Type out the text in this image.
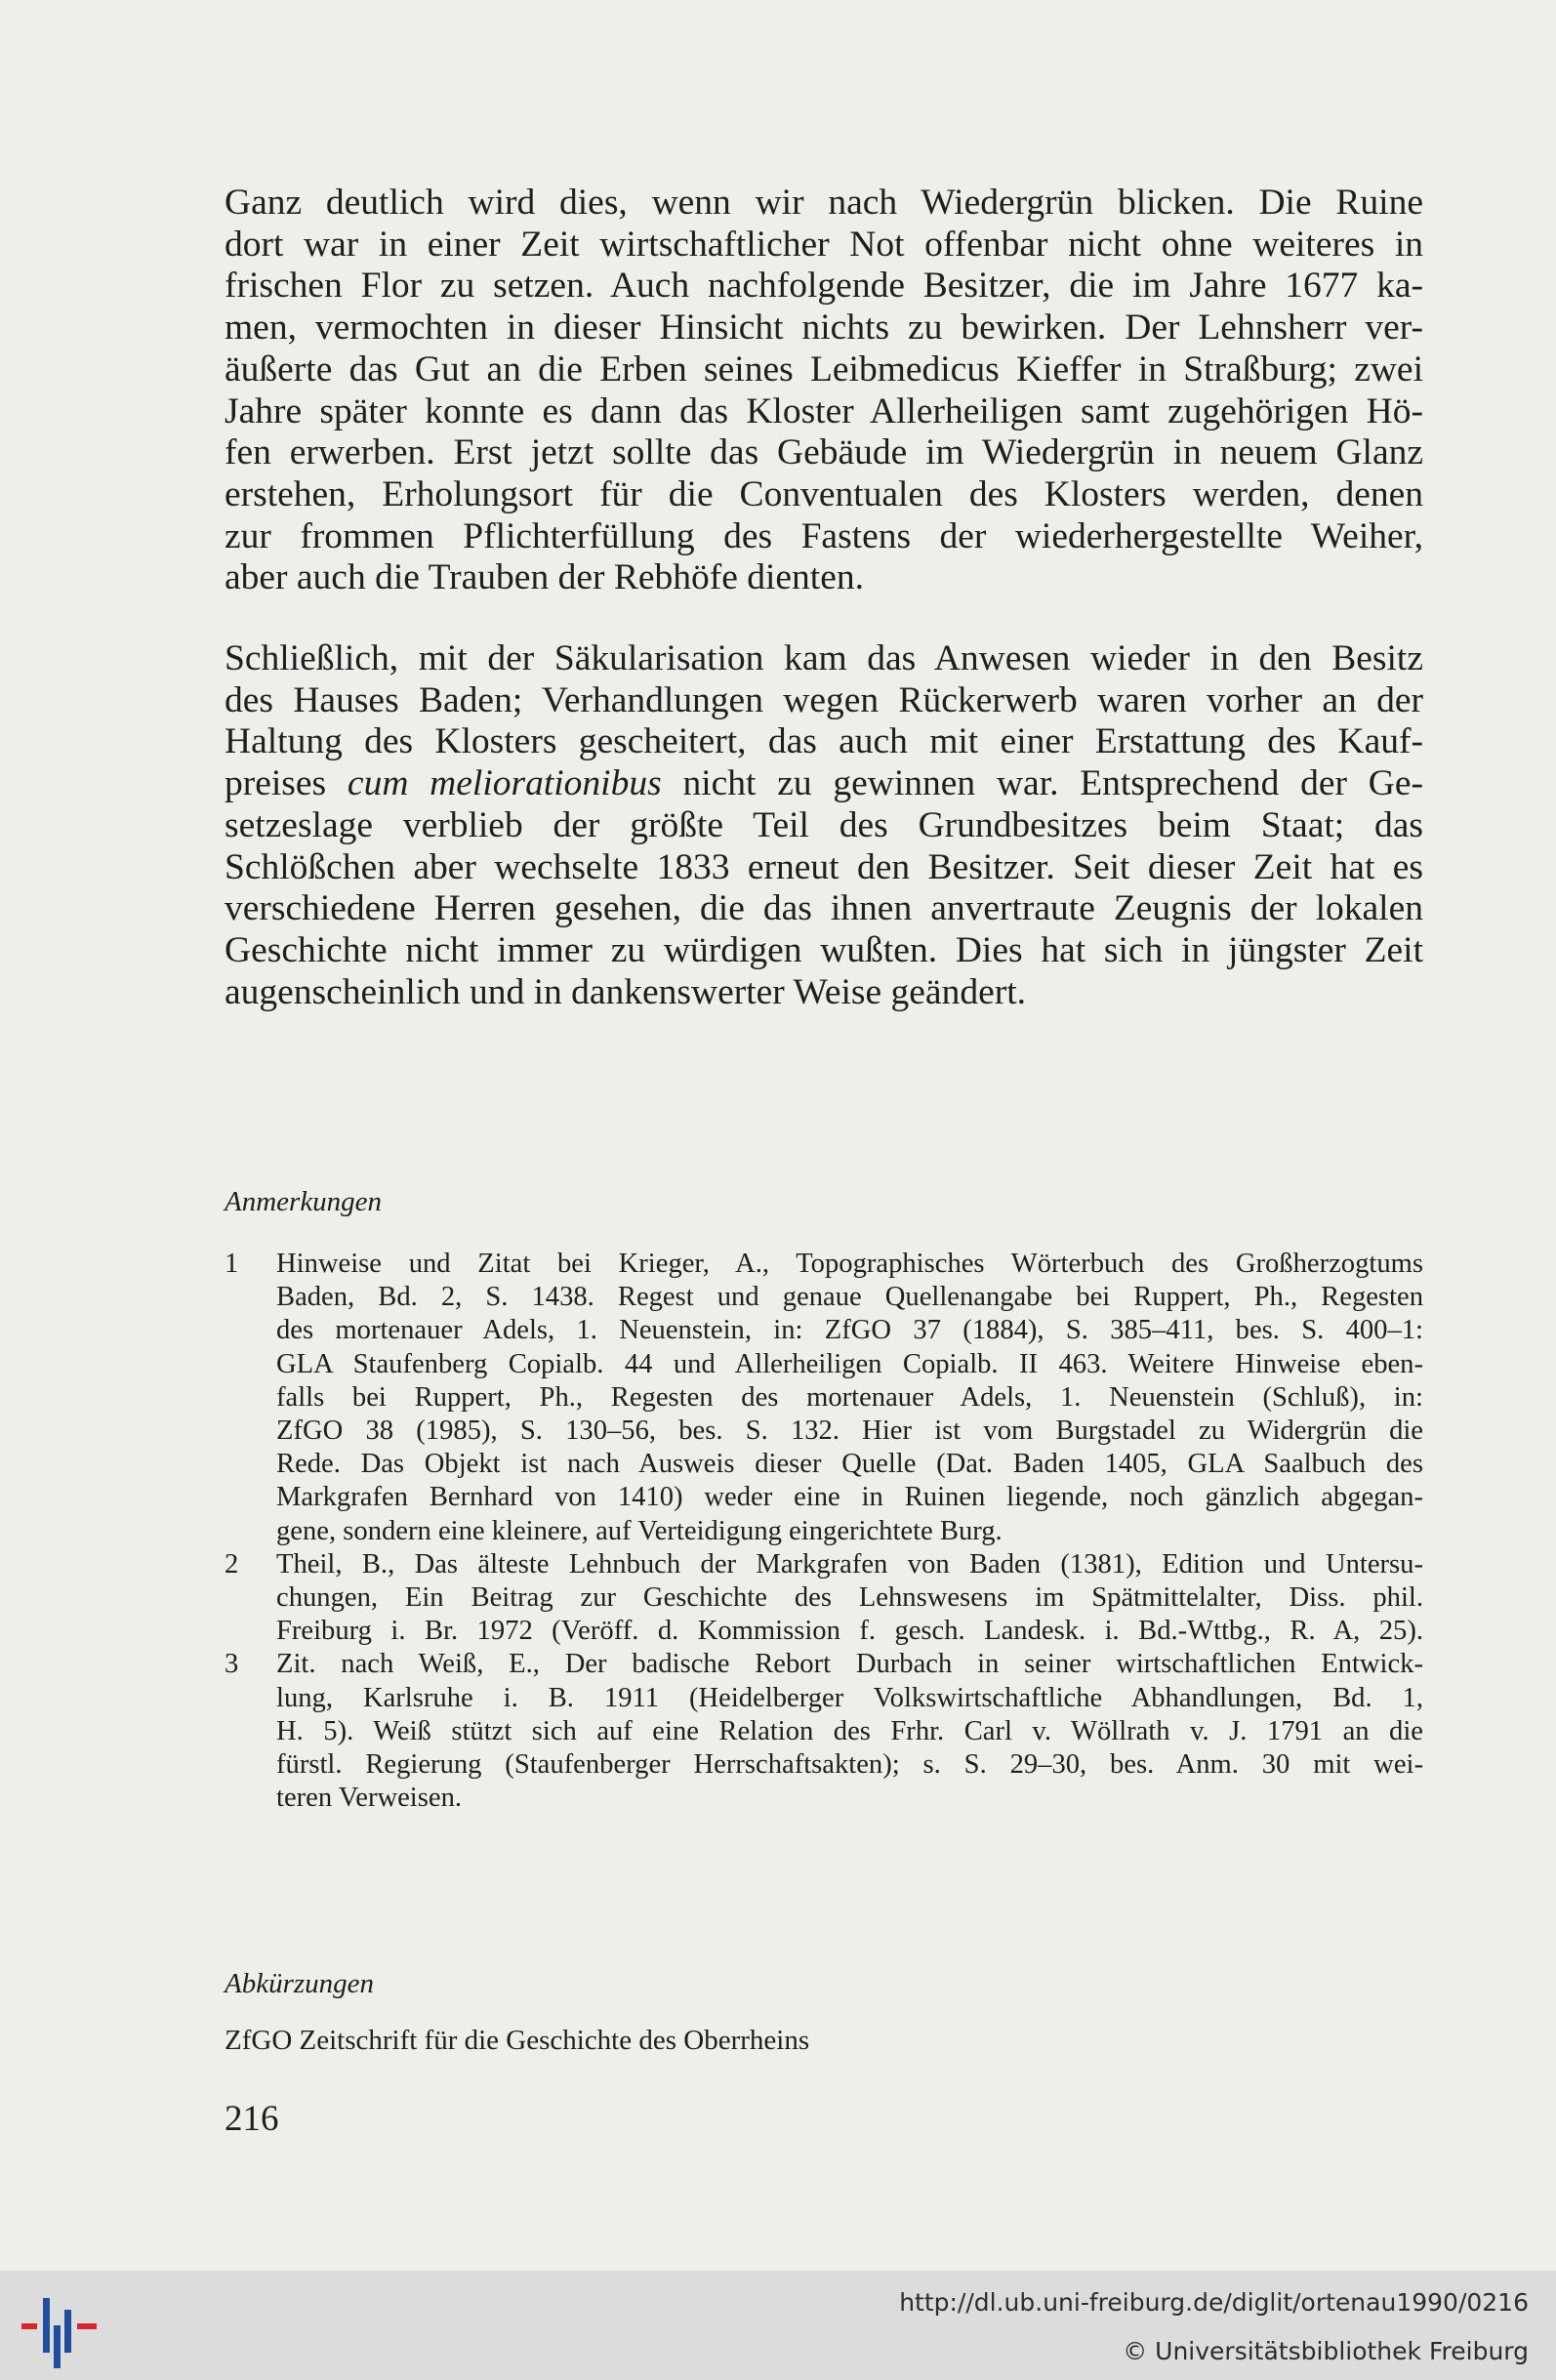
Ganz deutlich wird dies, wenn wir nach Wiedergrün blicken. Die Ruine
dort war in einer Zeit wirtschaftlicher Not offenbar nicht ohne weiteres in
frischen Flor zu setzen. Auch nachfolgende Besitzer, die im Jahre 1677 ka-
men, vermochten in dieser Hinsicht nichts zu bewirken. Der Lehnsherr ver-
äußerte das Gut an die Erben seines Leibmedicus Kieffer in Straßburg; zwei
Jahre später konnte es dann das Kloster Allerheiligen samt zugehörigen Hö-
fen erwerben. Erst jetzt sollte das Gebäude im Wiedergrün in neuem Glanz
erstehen, Erholungsort für die Conventualen des Klosters werden, denen
zur frommen Pflichterfüllung des Fastens der wiederhergestellte Weiher,
aber auch die Trauben der Rebhöfe dienten.
Schließlich, mit der Säkularisation kam das Anwesen wieder in den Besitz
des Hauses Baden; Verhandlungen wegen Rückerwerb waren vorher an der
Haltung des Klosters gescheitert, das auch mit einer Erstattung des Kauf-
preises cum meliorationibus nicht zu gewinnen war. Entsprechend der Ge-
setzeslage verblieb der größte Teil des Grundbesitzes beim Staat; das
Schlößchen aber wechselte 1833 erneut den Besitzer. Seit dieser Zeit hat es
verschiedene Herren gesehen, die das ihnen anvertraute Zeugnis der lokalen
Geschichte nicht immer zu würdigen wußten. Dies hat sich in jüngster Zeit
augenscheinlich und in dankenswerter Weise geändert.
Anmerkungen
1 Hinweise und Zitat bei Krieger, A., Topographisches Wörterbuch des Großherzogtums
Baden, Bd. 2, S. 1438. Regest und genaue Quellenangabe bei Ruppert, Ph., Regesten
des mortenauer Adels, 1. Neuenstein, in: ZfGO 37 (1884), S. 385–411, bes. S. 400–1:
GLA Staufenberg Copialb. 44 und Allerheiligen Copialb. II 463. Weitere Hinweise eben-
falls bei Ruppert, Ph., Regesten des mortenauer Adels, 1. Neuenstein (Schluß), in:
ZfGO 38 (1985), S. 130–56, bes. S. 132. Hier ist vom Burgstadel zu Widergrün die
Rede. Das Objekt ist nach Ausweis dieser Quelle (Dat. Baden 1405, GLA Saalbuch des
Markgrafen Bernhard von 1410) weder eine in Ruinen liegende, noch gänzlich abgegan-
gene, sondern eine kleinere, auf Verteidigung eingerichtete Burg.
2 Theil, B., Das älteste Lehnbuch der Markgrafen von Baden (1381), Edition und Untersu-
chungen, Ein Beitrag zur Geschichte des Lehnswesens im Spätmittelalter, Diss. phil.
Freiburg i. Br. 1972 (Veröff. d. Kommission f. gesch. Landesk. i. Bd.-Wttbg., R. A, 25).
3 Zit. nach Weiß, E., Der badische Rebort Durbach in seiner wirtschaftlichen Entwick-
lung, Karlsruhe i. B. 1911 (Heidelberger Volkswirtschaftliche Abhandlungen, Bd. 1,
H. 5). Weiß stützt sich auf eine Relation des Frhr. Carl v. Wöllrath v. J. 1791 an die
fürstl. Regierung (Staufenberger Herrschaftsakten); s. S. 29–30, bes. Anm. 30 mit wei-
teren Verweisen.
Abkürzungen
ZfGO Zeitschrift für die Geschichte des Oberrheins
216
http://dl.ub.uni-freiburg.de/diglit/ortenau1990/0216
© Universitätsbibliothek Freiburg
